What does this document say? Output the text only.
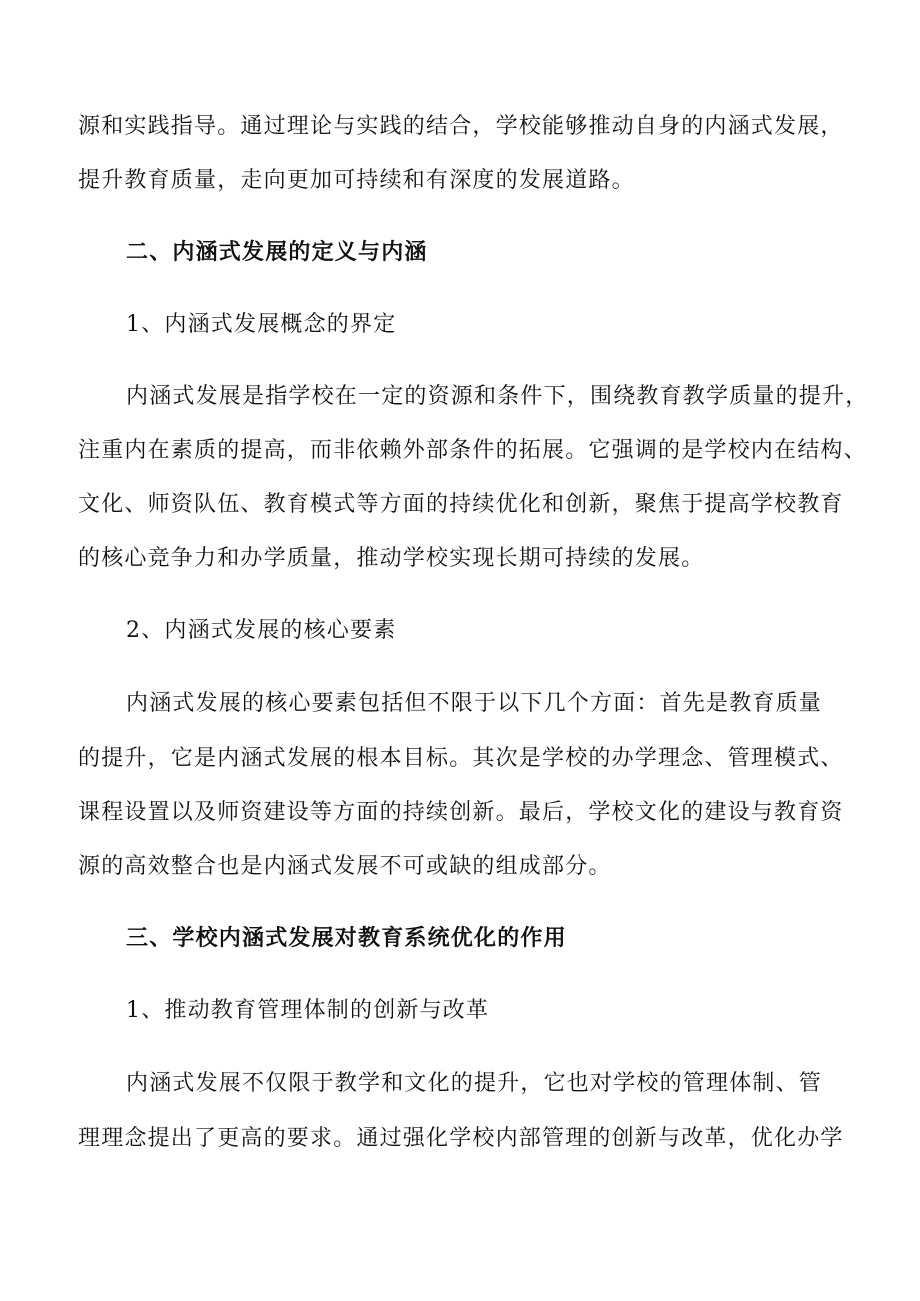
源和实践指导。通过理论与实践的结合，学校能够推动自身的内涵式发展，
提升教育质量，走向更加可持续和有深度的发展道路。
二、内涵式发展的定义与内涵
1、内涵式发展概念的界定
内涵式发展是指学校在一定的资源和条件下，围绕教育教学质量的提升，
注重内在素质的提高，而非依赖外部条件的拓展。它强调的是学校内在结构、
文化、师资队伍、教育模式等方面的持续优化和创新，聚焦于提高学校教育
的核心竞争力和办学质量，推动学校实现长期可持续的发展。
2、内涵式发展的核心要素
内涵式发展的核心要素包括但不限于以下几个方面：首先是教育质量
的提升，它是内涵式发展的根本目标。其次是学校的办学理念、管理模式、
课程设置以及师资建设等方面的持续创新。最后，学校文化的建设与教育资
源的高效整合也是内涵式发展不可或缺的组成部分。
三、学校内涵式发展对教育系统优化的作用
1、推动教育管理体制的创新与改革
内涵式发展不仅限于教学和文化的提升，它也对学校的管理体制、管
理理念提出了更高的要求。通过强化学校内部管理的创新与改革，优化办学
